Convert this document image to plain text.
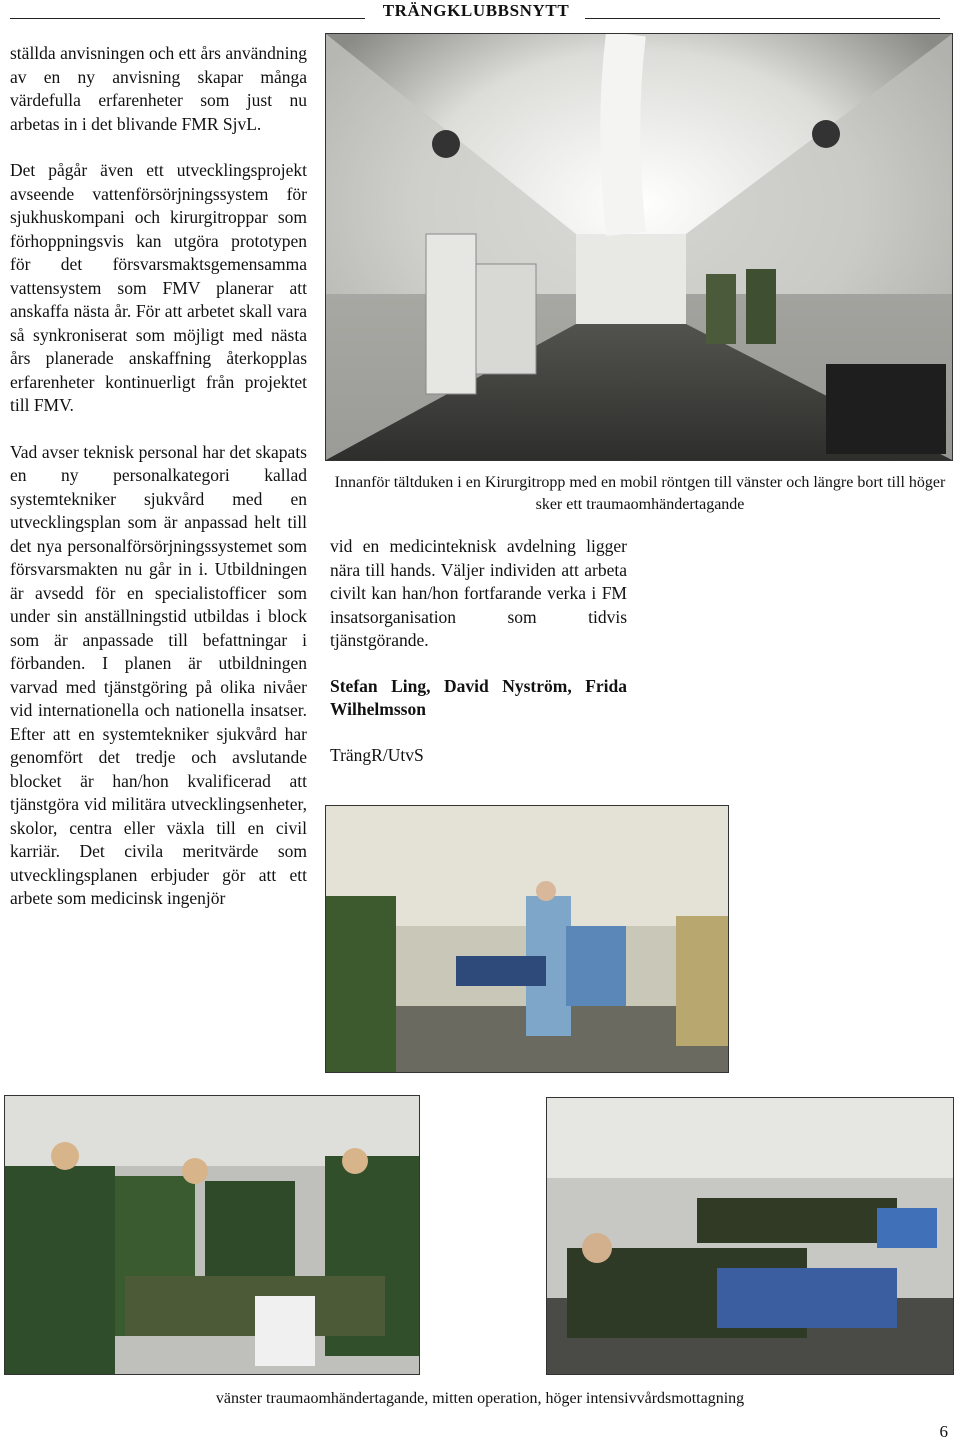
TRÄNGKLUBBSNYTT

ställda anvisningen och ett års användning av en ny anvisning skapar många värdefulla erfarenheter som just nu arbetas in i det blivande FMR SjvL.

Det pågår även ett utvecklingsprojekt avseende vattenförsörjningssystem för sjukhuskompani och kirurgitroppar som förhoppningsvis kan utgöra prototypen för det försvarsmaktsgemensamma vattensystem som FMV planerar att anskaffa nästa år. För att arbetet skall vara så synkroniserat som möjligt med nästa års planerade anskaffning återkopplas erfarenheter kontinuerligt från projektet till FMV.

Vad avser teknisk personal har det skapats en ny personalkategori kallad systemtekniker sjukvård med en utvecklingsplan som är anpassad helt till det nya personalförsörjningssystemet som försvarsmakten nu går in i. Utbildningen är avsedd för en specialistofficer som under sin anställningstid utbildas i block som är anpassade till befattningar i förbanden. I planen är utbildningen varvad med tjänstgöring på olika nivåer vid internationella och nationella insatser. Efter att en systemtekniker sjukvård har genomfört det tredje och avslutande blocket är han/hon kvalificerad att tjänstgöra vid militära utvecklingsenheter, skolor, centra eller växla till en civil karriär. Det civila meritvärde som utvecklingsplanen erbjuder gör att ett arbete som medicinsk ingenjör

Innanför tältduken i en Kirurgitropp med en mobil röntgen till vänster och längre bort till höger sker ett traumaomhändertagande

vid en medicinteknisk avdelning ligger nära till hands. Väljer individen att arbeta civilt kan han/hon fortfarande verka i FM insatsorganisation som tidvis tjänstgörande.

Stefan Ling, David Nyström, Frida Wilhelmsson

TrängR/UtvS

vänster traumaomhändertagande, mitten operation, höger intensivvårdsmottagning
6
